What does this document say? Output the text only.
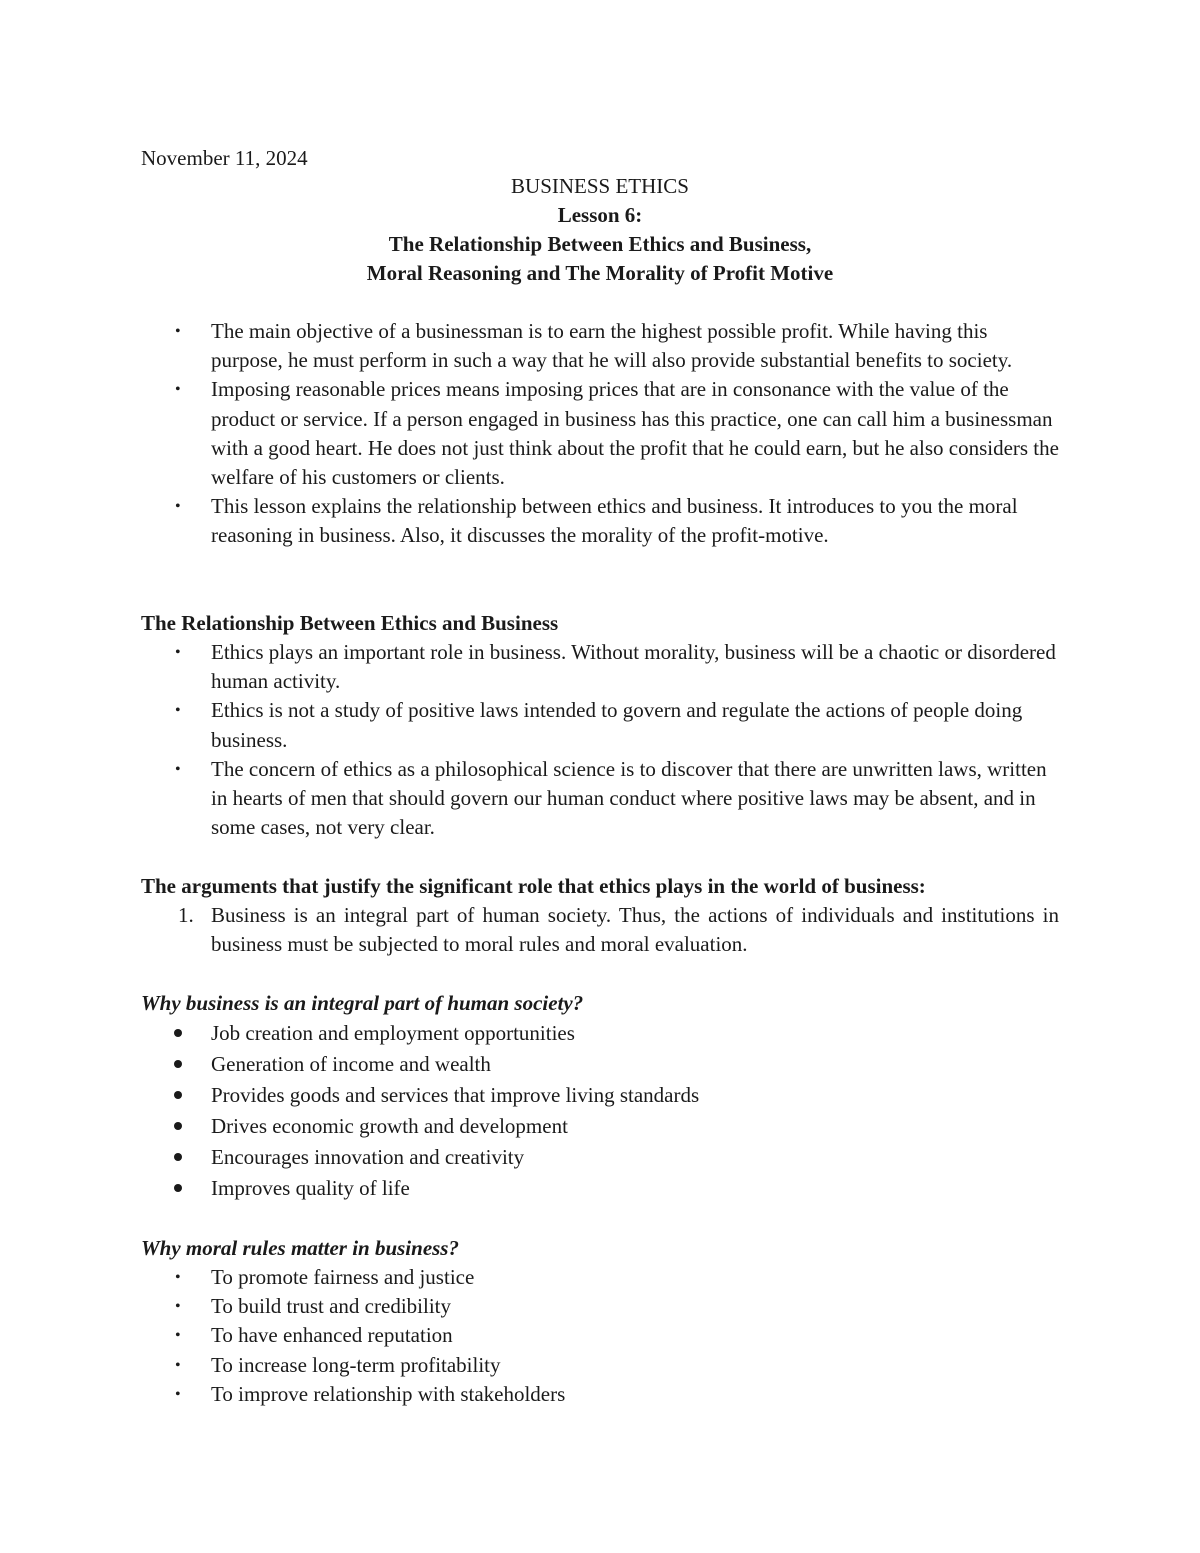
November 11, 2024
BUSINESS ETHICS
Lesson 6:
The Relationship Between Ethics and Business,
Moral Reasoning and The Morality of Profit Motive
• The main objective of a businessman is to earn the highest possible profit. While having this purpose, he must perform in such a way that he will also provide substantial benefits to society.
• Imposing reasonable prices means imposing prices that are in consonance with the value of the product or service. If a person engaged in business has this practice, one can call him a businessman with a good heart. He does not just think about the profit that he could earn, but he also considers the welfare of his customers or clients.
• This lesson explains the relationship between ethics and business. It introduces to you the moral reasoning in business. Also, it discusses the morality of the profit-motive.
The Relationship Between Ethics and Business
• Ethics plays an important role in business. Without morality, business will be a chaotic or disordered human activity.
• Ethics is not a study of positive laws intended to govern and regulate the actions of people doing business.
• The concern of ethics as a philosophical science is to discover that there are unwritten laws, written in hearts of men that should govern our human conduct where positive laws may be absent, and in some cases, not very clear.
The arguments that justify the significant role that ethics plays in the world of business:
1. Business is an integral part of human society. Thus, the actions of individuals and institutions in business must be subjected to moral rules and moral evaluation.
Why business is an integral part of human society?
Job creation and employment opportunities
Generation of income and wealth
Provides goods and services that improve living standards
Drives economic growth and development
Encourages innovation and creativity
Improves quality of life
Why moral rules matter in business?
• To promote fairness and justice
• To build trust and credibility
• To have enhanced reputation
• To increase long-term profitability
• To improve relationship with stakeholders
